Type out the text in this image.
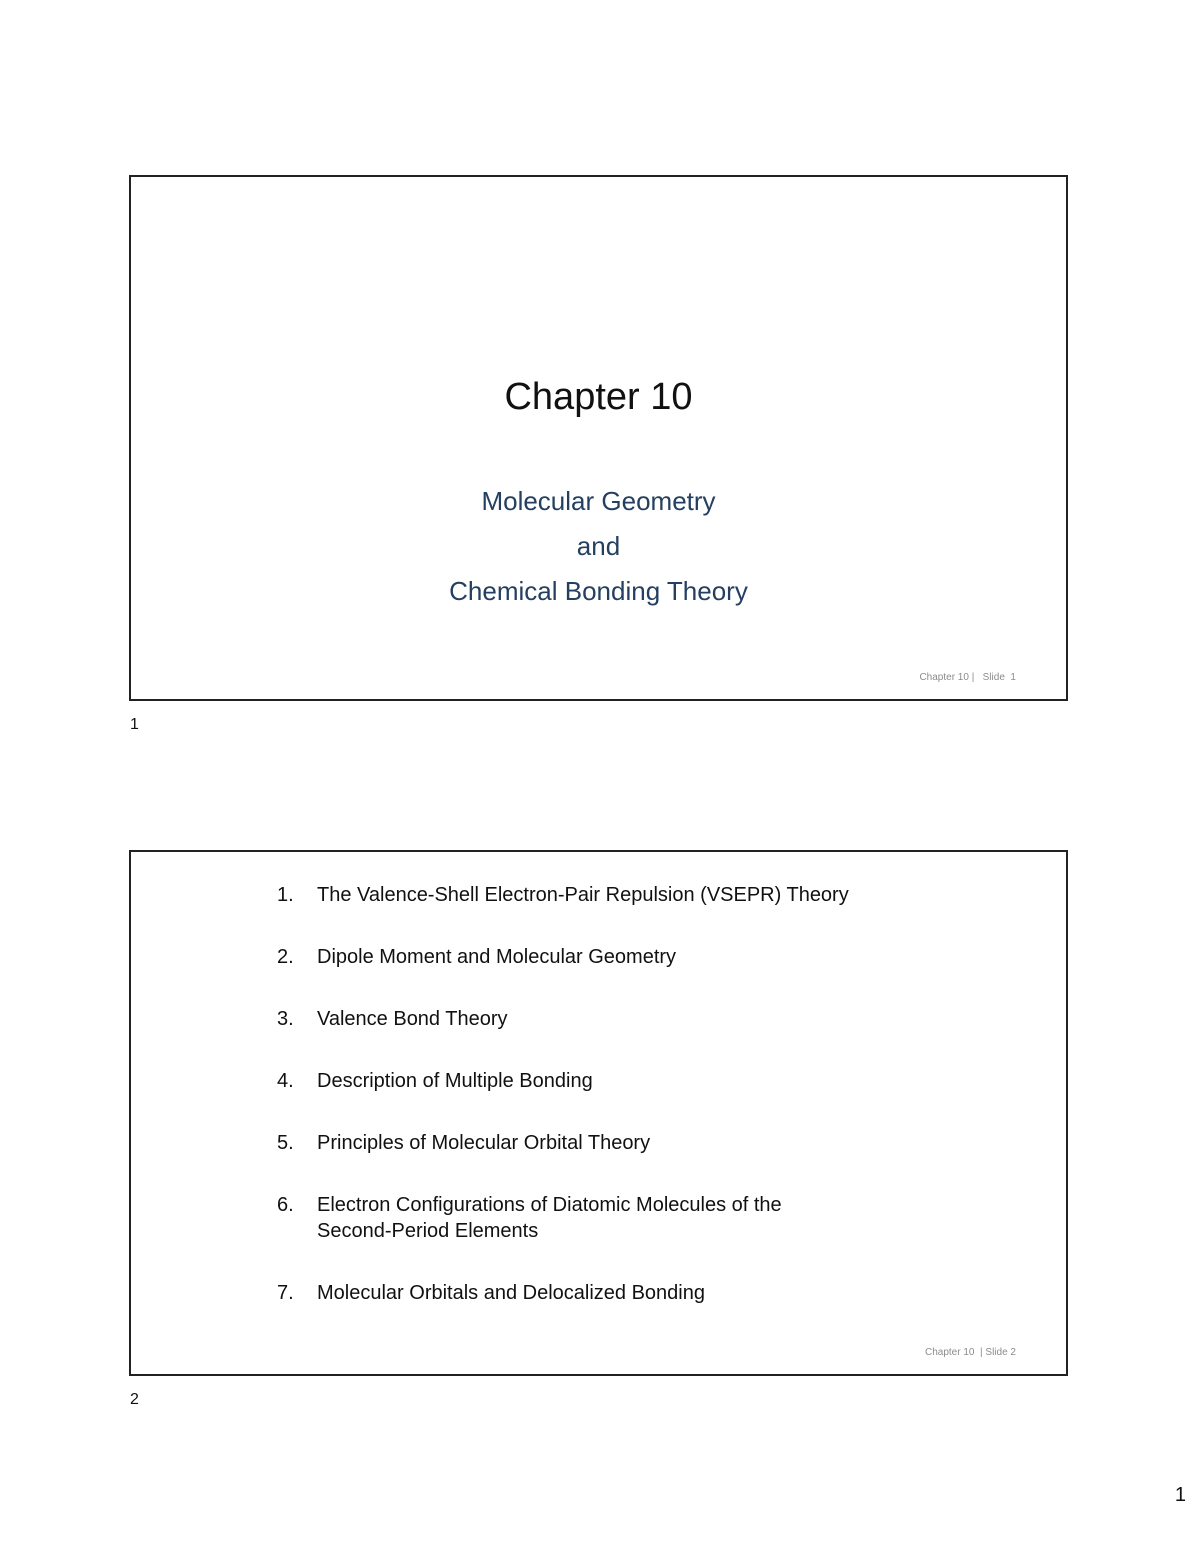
Chapter 10
Molecular Geometry
and
Chemical Bonding Theory
Chapter 10 |   Slide  1
1
1.	The Valence-Shell Electron-Pair Repulsion (VSEPR) Theory
2.	Dipole Moment and Molecular Geometry
3.	Valence Bond Theory
4.	Description of Multiple Bonding
5.	Principles of Molecular Orbital Theory
6.	Electron Configurations of Diatomic Molecules of the Second-Period Elements
7.	Molecular Orbitals and Delocalized Bonding
Chapter 10  | Slide 2
2
1
